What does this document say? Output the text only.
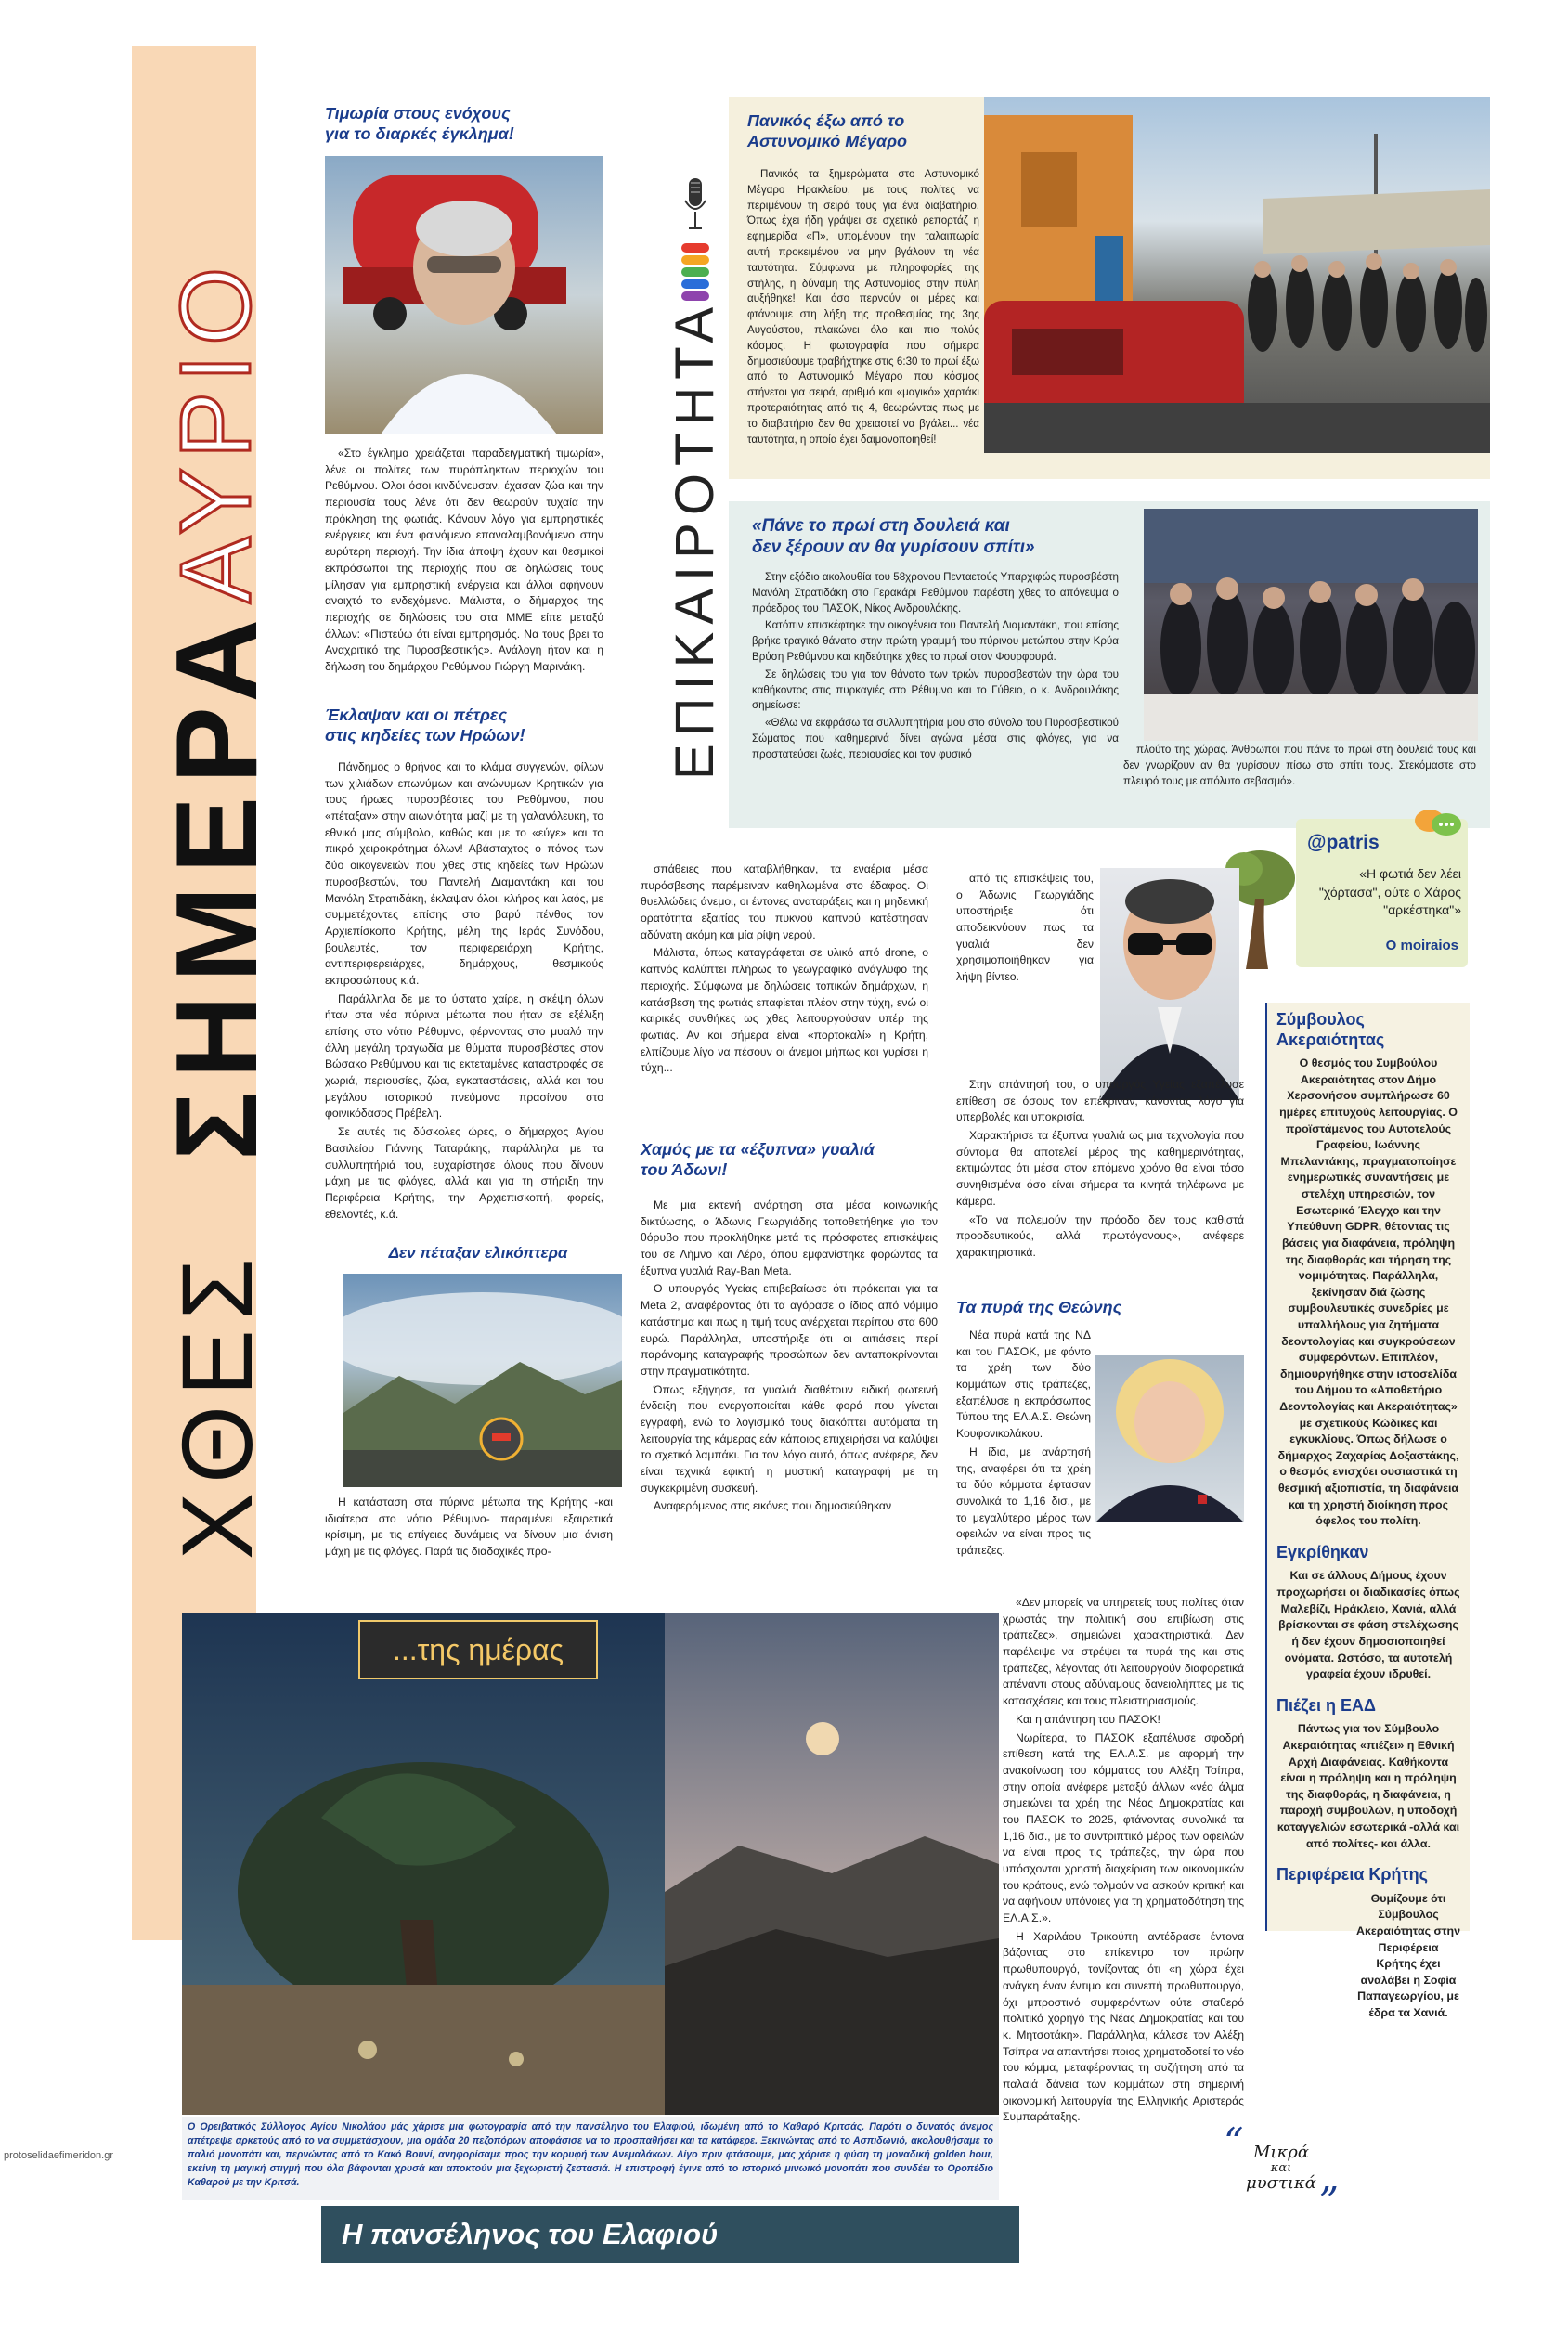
ΑΥΡΙΟ
ΣΗΜΕΡΑ
ΧΘΕΣ
ΕΠΙΚΑΙΡΟΤΗΤΑ
Τιμωρία στους ενόχους
για το διαρκές έγκλημα!

«Στο έγκλημα χρειάζεται παραδειγματική τιμωρία», λένε οι πολίτες των πυρόπληκτων περιοχών του Ρεθύμνου. Όλοι όσοι κινδύνευσαν, έχασαν ζώα και την περιουσία τους λένε ότι δεν θεωρούν τυχαία την πρόκληση της φωτιάς. Κάνουν λόγο για εμπρηστικές ενέργειες και ένα φαινόμενο επαναλαμβανόμενο στην ευρύτερη περιοχή. Την ίδια άποψη έχουν και θεσμικοί εκπρόσωποι της περιοχής που σε δηλώσεις τους μίλησαν για εμπρηστική ενέργεια και άλλοι αφήνουν ανοιχτό το ενδεχόμενο. Μάλιστα, ο δήμαρχος της περιοχής σε δηλώσεις του στα ΜΜΕ είπε μεταξύ άλλων: «Πιστεύω ότι είναι εμπρησμός. Να τους βρει το Αναχριτικό της Πυροσβεστικής». Ανάλογη ήταν και η δήλωση του δημάρχου Ρεθύμνου Γιώργη Μαρινάκη.

Έκλαψαν και οι πέτρες
στις κηδείες των Ηρώων!

Πάνδημος ο θρήνος και το κλάμα συγγενών, φίλων των χιλιάδων επωνύμων και ανώνυμων Κρητικών για τους ήρωες πυροσβέστες του Ρεθύμνου, που «πέταξαν» στην αιωνιότητα μαζί με τη γαλανόλευκη, το εθνικό μας σύμβολο, καθώς και με το «εύγε» και το πικρό χειροκρότημα όλων! Αβάσταχτος ο πόνος των δύο οικογενειών που χθες στις κηδείες των Ηρώων πυροσβεστών, του Παντελή Διαμαντάκη και του Μανόλη Στρατιδάκη, έκλαψαν όλοι, κλήρος και λαός, με συμμετέχοντες επίσης στο βαρύ πένθος τον Αρχιεπίσκοπο Κρήτης, μέλη της Ιεράς Συνόδου, βουλευτές, τον περιφερειάρχη Κρήτης, αντιπεριφερειάρχες, δημάρχους, θεσμικούς εκπροσώπους κ.ά.

Παράλληλα δε με το ύστατο χαίρε, η σκέψη όλων ήταν στα νέα πύρινα μέτωπα που ήταν σε εξέλιξη επίσης στο νότιο Ρέθυμνο, φέρνοντας στο μυαλό την άλλη μεγάλη τραγωδία με θύματα πυροσβέστες στον Βώσακο Ρεθύμνου και τις εκτεταμένες καταστροφές σε χωριά, περιουσίες, ζώα, εγκαταστάσεις, αλλά και του μεγάλου ιστορικού πνεύμονα πρασίνου στο φοινικόδασος Πρέβελη.

Σε αυτές τις δύσκολες ώρες, ο δήμαρχος Αγίου Βασιλείου Γιάννης Ταταράκης, παράλληλα με τα συλλυπητήριά του, ευχαρίστησε όλους που δίνουν μάχη με τις φλόγες, αλλά και για τη στήριξη την Περιφέρεια Κρήτης, την Αρχιεπισκοπή, φορείς, εθελοντές, κ.ά.

Δεν πέταξαν ελικόπτερα

Η κατάσταση στα πύρινα μέτωπα της Κρήτης -και ιδιαίτερα στο νότιο Ρέθυμνο- παραμένει εξαιρετικά κρίσιμη, με τις επίγειες δυνάμεις να δίνουν μια άνιση μάχη με τις φλόγες. Παρά τις διαδοχικές προ-

σπάθειες που καταβλήθηκαν, τα εναέρια μέσα πυρόσβεσης παρέμειναν καθηλωμένα στο έδαφος. Οι θυελλώδεις άνεμοι, οι έντονες αναταράξεις και η μηδενική ορατότητα εξαιτίας του πυκνού καπνού κατέστησαν αδύνατη ακόμη και μία ρίψη νερού.

Μάλιστα, όπως καταγράφεται σε υλικό από drone, ο καπνός καλύπτει πλήρως το γεωγραφικό ανάγλυφο της περιοχής. Σύμφωνα με δηλώσεις τοπικών δημάρχων, η κατάσβεση της φωτιάς επαφίεται πλέον στην τύχη, ενώ οι καιρικές συνθήκες ως χθες λειτουργούσαν υπέρ της φωτιάς. Αν και σήμερα είναι «πορτοκαλί» η Κρήτη, ελπίζουμε λίγο να πέσουν οι άνεμοι μήπως και γυρίσει η τύχη...

Πανικός έξω από το
Αστυνομικό Μέγαρο

Πανικός τα ξημερώματα στο Αστυνομικό Μέγαρο Ηρακλείου, με τους πολίτες να περιμένουν τη σειρά τους για ένα διαβατήριο. Όπως έχει ήδη γράψει σε σχετικό ρεπορτάζ η εφημερίδα «Π», υπομένουν την ταλαιπωρία αυτή προκειμένου να μην βγάλουν τη νέα ταυτότητα. Σύμφωνα με πληροφορίες της στήλης, η δύναμη της Αστυνομίας στην πύλη αυξήθηκε! Και όσο περνούν οι μέρες και φτάνουμε στη λήξη της προθεσμίας της 3ης Αυγούστου, πλακώνει όλο και πιο πολύς κόσμος. Η φωτογραφία που σήμερα δημοσιεύουμε τραβήχτηκε στις 6:30 το πρωί έξω από το Αστυνομικό Μέγαρο που κόσμος στήνεται για σειρά, αριθμό και «μαγικό» χαρτάκι προτεραιότητας από τις 4, θεωρώντας πως με το διαβατήριο δεν θα χρειαστεί να βγάλει... νέα ταυτότητα, η οποία έχει δαιμονοποιηθεί!

«Πάνε το πρωί στη δουλειά και
δεν ξέρουν αν θα γυρίσουν σπίτι»

Στην εξόδιο ακολουθία του 58χρονου Πενταετούς Υπαρχιφώς πυροσβέστη Μανόλη Στρατιδάκη στο Γερακάρι Ρεθύμνου παρέστη χθες το απόγευμα ο πρόεδρος του ΠΑΣΟΚ, Νίκος Ανδρουλάκης.

Κατόπιν επισκέφτηκε την οικογένεια του Παντελή Διαμαντάκη, που επίσης βρήκε τραγικό θάνατο στην πρώτη γραμμή του πύρινου μετώπου στην Κρύα Βρύση Ρεθύμνου και κηδεύτηκε χθες το πρωί στον Φουρφουρά.

Σε δηλώσεις του για τον θάνατο των τριών πυροσβεστών την ώρα του καθήκοντος στις πυρκαγιές στο Ρέθυμνο και το Γύθειο, ο κ. Ανδρουλάκης σημείωσε:

«Θέλω να εκφράσω τα συλλυπητήρια μου στο σύνολο του Πυροσβεστικού Σώματος που καθημερινά δίνει αγώνα μέσα στις φλόγες, για να προστατεύσει ζωές, περιουσίες και τον φυσικό	πλούτο της χώρας. Άνθρωποι που πάνε το πρωί στη δουλειά τους και δεν γνωρίζουν αν θα γυρίσουν πίσω στο σπίτι τους. Στεκόμαστε στο πλευρό τους με απόλυτο σεβασμό».

@patris
«Η φωτιά δεν λέει "χόρτασα", ούτε ο Χάρος "αρκέστηκα"»
O moiraios

από τις επισκέψεις του, ο Άδωνις Γεωργιάδης υποστήριξε ότι αποδεικνύουν πως τα γυαλιά δεν χρησιμοποιήθηκαν για λήψη βίντεο.

Στην απάντησή του, ο υπουργός Υγείας εξαπέλυσε επίθεση σε όσους τον επέκριναν, κάνοντας λόγο για υπερβολές και υποκρισία.

Χαρακτήρισε τα έξυπνα γυαλιά ως μια τεχνολογία που σύντομα θα αποτελεί μέρος της καθημερινότητας, εκτιμώντας ότι μέσα στον επόμενο χρόνο θα είναι τόσο συνηθισμένα όσο είναι σήμερα τα κινητά τηλέφωνα με κάμερα.

«Το να πολεμούν την πρόοδο δεν τους καθιστά προοδευτικούς, αλλά πρωτόγονους», ανέφερε χαρακτηριστικά.

Χαμός με τα «έξυπνα» γυαλιά
του Άδωνι!

Με μια εκτενή ανάρτηση στα μέσα κοινωνικής δικτύωσης, ο Άδωνις Γεωργιάδης τοποθετήθηκε για τον θόρυβο που προκλήθηκε μετά τις πρόσφατες επισκέψεις του σε Λήμνο και Λέρο, όπου εμφανίστηκε φορώντας τα έξυπνα γυαλιά Ray-Ban Meta.

Ο υπουργός Υγείας επιβεβαίωσε ότι πρόκειται για τα Meta 2, αναφέροντας ότι τα αγόρασε ο ίδιος από νόμιμο κατάστημα και πως η τιμή τους ανέρχεται περίπου στα 600 ευρώ. Παράλληλα, υποστήριξε ότι οι αιτιάσεις περί παράνομης καταγραφής προσώπων δεν ανταποκρίνονται στην πραγματικότητα.

Όπως εξήγησε, τα γυαλιά διαθέτουν ειδική φωτεινή ένδειξη που ενεργοποιείται κάθε φορά που γίνεται εγγραφή, ενώ το λογισμικό τους διακόπτει αυτόματα τη λειτουργία της κάμερας εάν κάποιος επιχειρήσει να καλύψει το σχετικό λαμπάκι. Για τον λόγο αυτό, όπως ανέφερε, δεν είναι τεχνικά εφικτή η μυστική καταγραφή με τη συγκεκριμένη συσκευή.

Αναφερόμενος στις εικόνες που δημοσιεύθηκαν

Τα πυρά της Θεώνης

Νέα πυρά κατά της ΝΔ και του ΠΑΣΟΚ, με φόντο τα χρέη των δύο κομμάτων στις τράπεζες, εξαπέλυσε η εκπρόσωπος Τύπου της ΕΛ.Α.Σ. Θεώνη Κουφονικολάκου.

Η ίδια, με ανάρτησή της, αναφέρει ότι τα χρέη τα δύο κόμματα έφτασαν συνολικά τα 1,16 δισ., με το μεγαλύτερο μέρος των οφειλών να είναι προς τις τράπεζες.

«Δεν μπορείς να υπηρετείς τους πολίτες όταν χρωστάς την πολιτική σου επιβίωση στις τράπεζες», σημειώνει χαρακτηριστικά. Δεν παρέλειψε να στρέψει τα πυρά της και στις τράπεζες, λέγοντας ότι λειτουργούν διαφορετικά απέναντι στους αδύναμους δανειολήπτες με τις κατασχέσεις και τους πλειστηριασμούς.

Και η απάντηση του ΠΑΣΟΚ!

Νωρίτερα, το ΠΑΣΟΚ εξαπέλυσε σφοδρή επίθεση κατά της ΕΛ.Α.Σ. με αφορμή την ανακοίνωση του κόμματος του Αλέξη Τσίπρα, στην οποία ανέφερε μεταξύ άλλων «νέο άλμα σημειώνει τα χρέη της Νέας Δημοκρατίας και του ΠΑΣΟΚ το 2025, φτάνοντας συνολικά τα 1,16 δισ., με το συντριπτικό μέρος των οφειλών να είναι προς τις τράπεζες, την ώρα που υπόσχονται χρηστή διαχείριση των οικονομικών του κράτους, ενώ τολμούν να ασκούν κριτική και να αφήνουν υπόνοιες για τη χρηματοδότηση της ΕΛ.Α.Σ.».

Η Χαριλάου Τρικούπη αντέδρασε έντονα βάζοντας στο επίκεντρο τον πρώην πρωθυπουργό, τονίζοντας ότι «η χώρα έχει ανάγκη έναν έντιμο και συνεπή πρωθυπουργό, όχι μπροστινό συμφερόντων ούτε σταθερό πολιτικό χορηγό της Νέας Δημοκρατίας και του κ. Μητσοτάκη». Παράλληλα, κάλεσε τον Αλέξη Τσίπρα να απαντήσει ποιος χρηματοδοτεί το νέο του κόμμα, μεταφέροντας τη συζήτηση από τα παλαιά δάνεια των κομμάτων στη σημερινή οικονομική λειτουργία της Ελληνικής Αριστεράς Συμπαράταξης.

Σύμβουλος Ακεραιότητας
Ο θεσμός του Συμβούλου Ακεραιότητας στον Δήμο Χερσονήσου συμπλήρωσε 60 ημέρες επιτυχούς λειτουργίας. Ο προϊστάμενος του Αυτοτελούς Γραφείου, Ιωάννης Μπελαντάκης, πραγματοποίησε ενημερωτικές συναντήσεις με στελέχη υπηρεσιών, τον Εσωτερικό Έλεγχο και την Υπεύθυνη GDPR, θέτοντας τις βάσεις για διαφάνεια, πρόληψη της διαφθοράς και τήρηση της νομιμότητας. Παράλληλα, ξεκίνησαν διά ζώσης συμβουλευτικές συνεδρίες με υπαλλήλους για ζητήματα δεοντολογίας και συγκρούσεων συμφερόντων. Επιπλέον, δημιουργήθηκε στην ιστοσελίδα του Δήμου το «Αποθετήριο Δεοντολογίας και Ακεραιότητας» με σχετικούς Κώδικες και εγκυκλίους. Όπως δήλωσε ο δήμαρχος Ζαχαρίας Δοξαστάκης, ο θεσμός ενισχύει ουσιαστικά τη θεσμική αξιοπιστία, τη διαφάνεια και τη χρηστή διοίκηση προς όφελος του πολίτη.
Εγκρίθηκαν
Και σε άλλους Δήμους έχουν προχωρήσει οι διαδικασίες όπως Μαλεβίζι, Ηράκλειο, Χανιά, αλλά βρίσκονται σε φάση στελέχωσης ή δεν έχουν δημοσιοποιηθεί ονόματα. Ωστόσο, τα αυτοτελή γραφεία έχουν ιδρυθεί.
Πιέζει η ΕΑΔ
Πάντως για τον Σύμβουλο Ακεραιότητας «πιέζει» η Εθνική Αρχή Διαφάνειας. Καθήκοντα είναι η πρόληψη και η πρόληψη της διαφθοράς, η διαφάνεια, η παροχή συμβουλών, η υποδοχή καταγγελιών εσωτερικά -αλλά και από πολίτες- και άλλα.
Περιφέρεια Κρήτης
Θυμίζουμε ότι Σύμβουλος Ακεραιότητας στην Περιφέρεια Κρήτης έχει αναλάβει η Σοφία Παπαγεωργίου, με έδρα τα Χανιά.
“ Μικρά
και
μυστικά ”
...της ημέρας
Ο Ορειβατικός Σύλλογος Αγίου Νικολάου μάς χάρισε μια φωτογραφία από την πανσέληνο του Ελαφιού, ιδωμένη από το Καθαρό Κριτσάς. Παρότι ο δυνατός άνεμος απέτρεψε αρκετούς από το να συμμετάσχουν, μια ομάδα 20 πεζοπόρων αποφάσισε να το προσπαθήσει και τα κατάφερε. Ξεκινώντας από το Ασπιδωνιό, ακολουθήσαμε το παλιό μονοπάτι και, περνώντας από το Κακό Βουνί, ανηφορίσαμε προς την κορυφή των Ανεμαλάκων. Λίγο πριν φτάσουμε, μας χάρισε η φύση τη μοναδική golden hour, εκείνη τη μαγική στιγμή που όλα βάφονται χρυσά και αποκτούν μια ξεχωριστή ζεστασιά. Η επιστροφή έγινε από το ιστορικό μινωικό μονοπάτι που συνδέει το Οροπέδιο Καθαρού με την Κριτσά.
Η πανσέληνος του Ελαφιού
protoselidaefimeridon.gr
